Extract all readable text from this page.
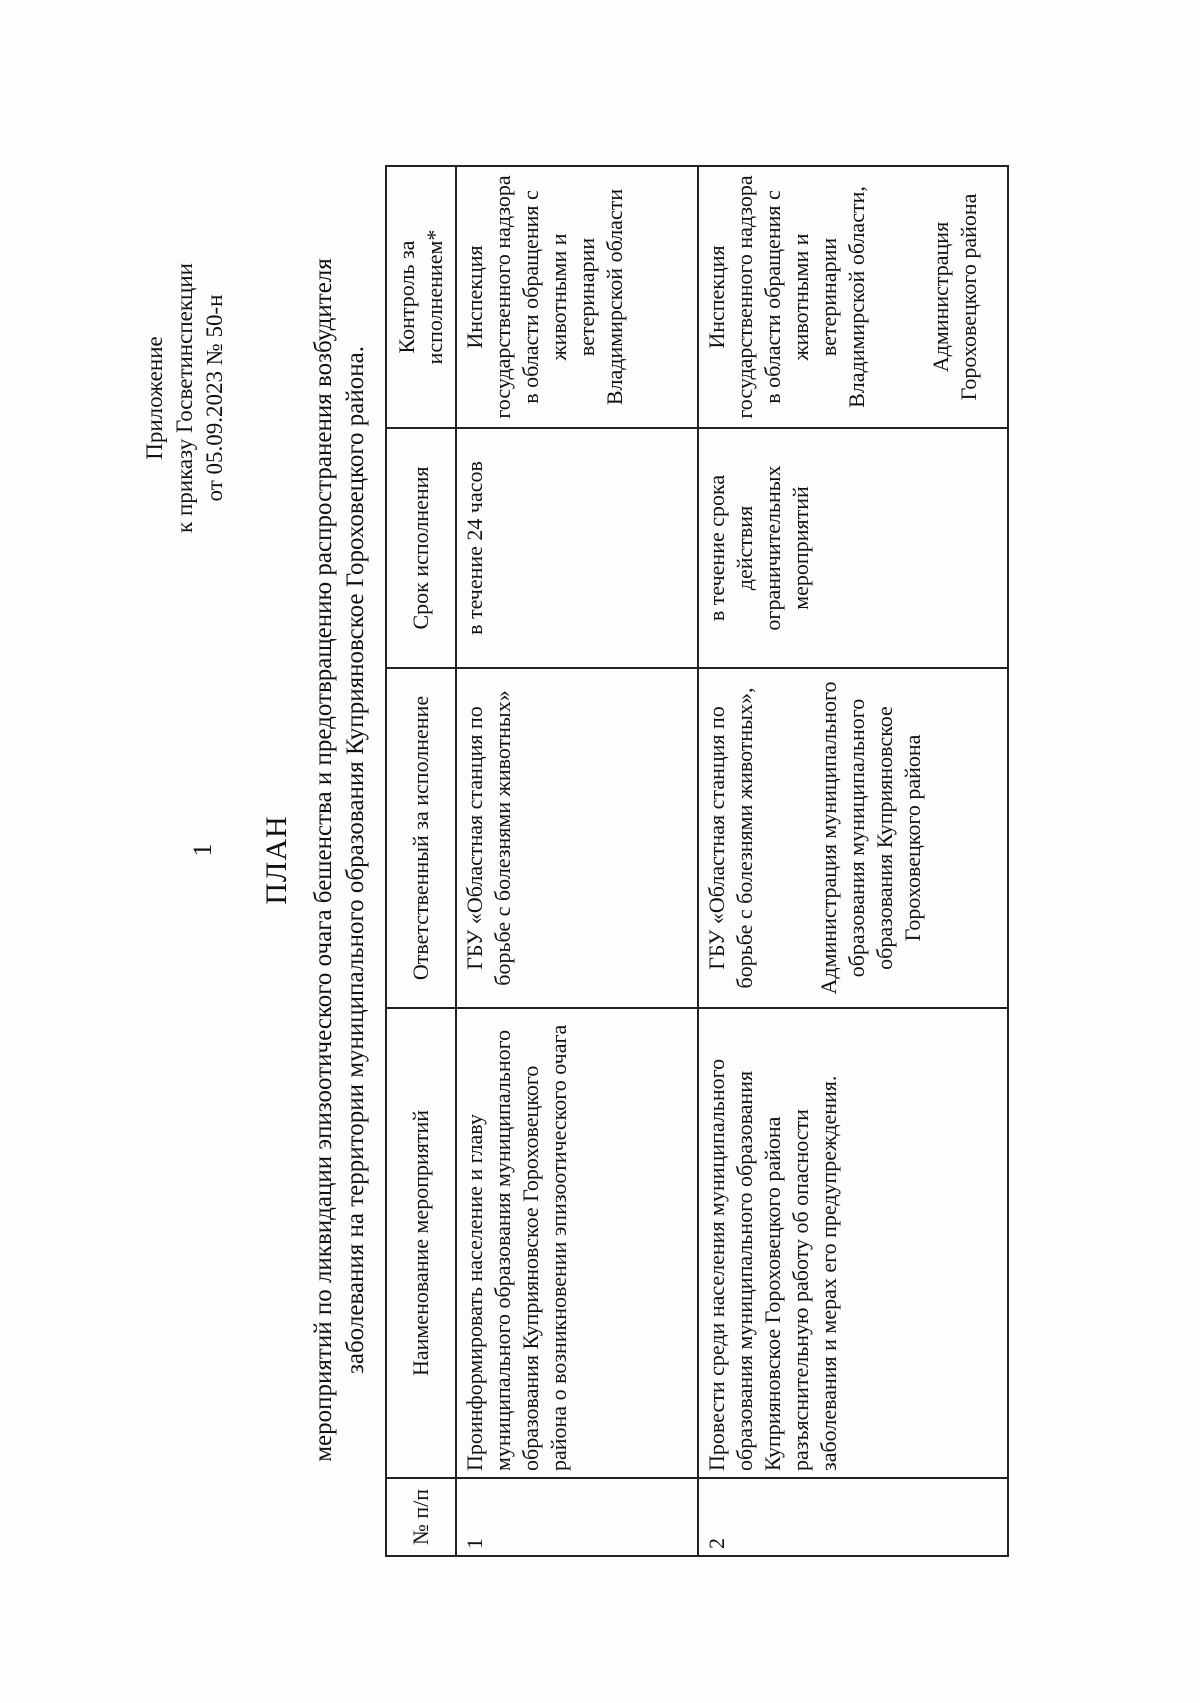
1
Приложение к приказу Госветинспекции от 05.09.2023 № 50-н
ПЛАН мероприятий по ликвидации эпизоотического очага бешенства и предотвращению распространения возбудителя заболевания на территории муниципального образования Куприяновское Гороховецкого района.
№ п/п	Наименование мероприятий	Ответственный за исполнение	Срок исполнения	Контроль за исполнением*
1	Проинформировать население и главу муниципального образования муниципального образования Куприяновское Гороховецкого района о возникновении эпизоотического очага	ГБУ «Областная станция по борьбе с болезнями животных»	в течение 24 часов	Инспекция государственного надзора в области обращения с животными и ветеринарии Владимирской области
2	Провести среди населения муниципального образования муниципального образования Куприяновское Гороховецкого района разъяснительную работу об опасности заболевания и мерах его предупреждения.	ГБУ «Областная станция по борьбе с болезнями животных», Администрация муниципального образования муниципального образования Куприяновское Гороховецкого района	в течение срока действия ограничительных мероприятий	Инспекция государственного надзора в области обращения с животными и ветеринарии Владимирской области, Администрация Гороховецкого района
